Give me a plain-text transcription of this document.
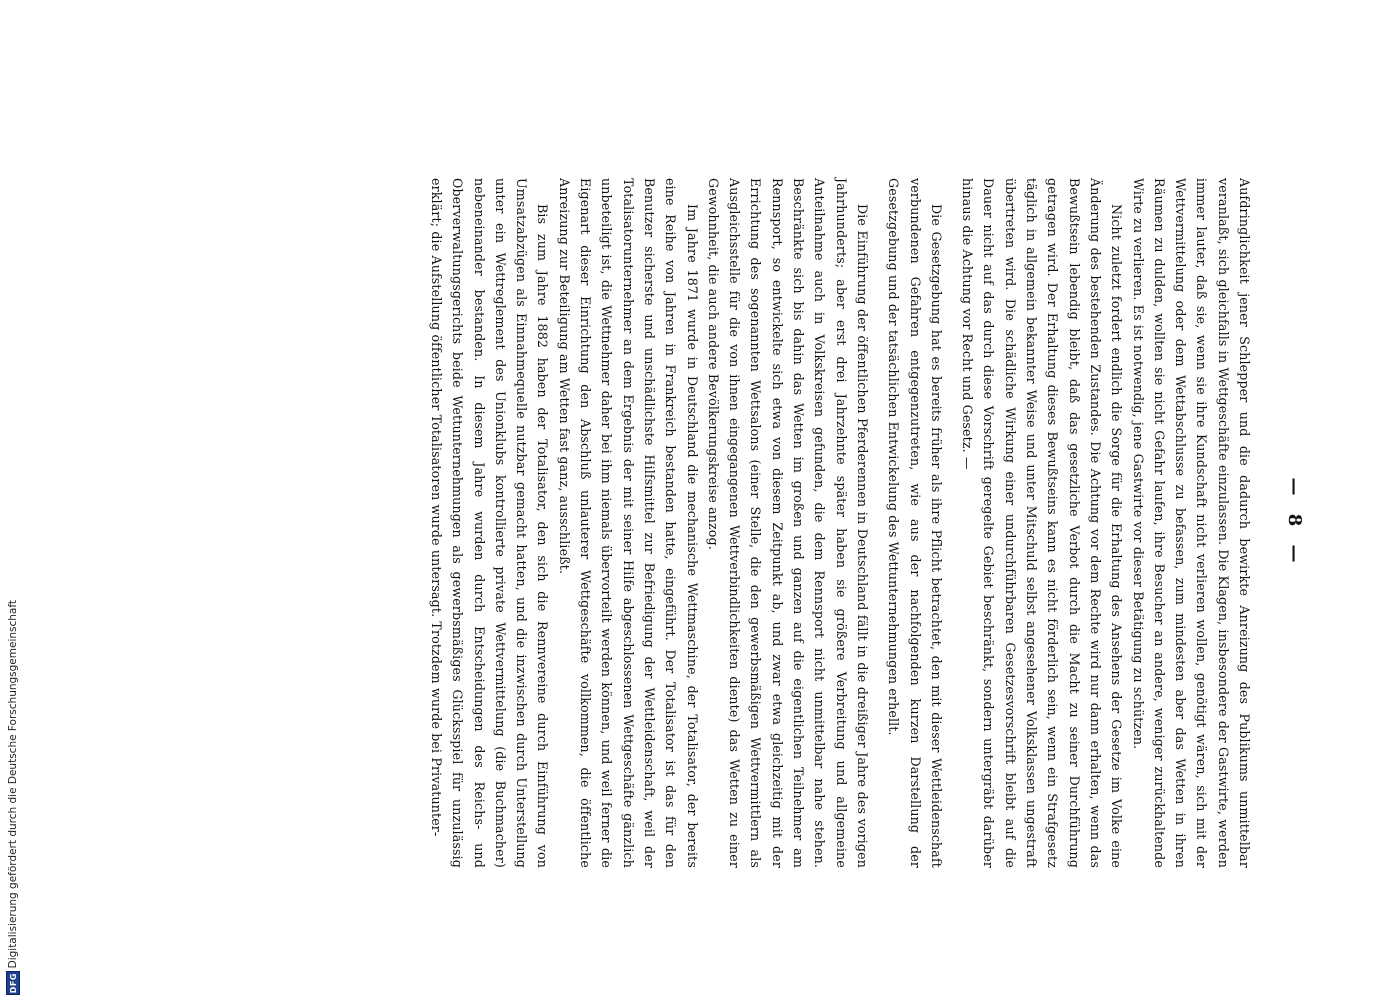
— 8 —

Aufdringlichkeit jener Schlepper und die dadurch bewirkte Anreizung des Publikums unmittelbar veranlaßt, sich gleichfalls in Wettgeschäfte einzulassen. Die Klagen, insbesondere der Gastwirte, werden immer lauter, daß sie, wenn sie ihre Kundschaft nicht verlieren wollen, genötigt wären, sich mit der Wettvermittelung oder dem Wettabschlusse zu befassen, zum mindesten aber das Wetten in ihren Räumen zu dulden, wollten sie nicht Gefahr laufen, ihre Besucher an andere, weniger zurückhaltende Wirte zu verlieren. Es ist notwendig, jene Gastwirte vor dieser Betätigung zu schützen.

Nicht zuletzt fordert endlich die Sorge für die Erhaltung des Ansehens der Gesetze im Volke eine Änderung des bestehenden Zustandes. Die Achtung vor dem Rechte wird nur dann erhalten, wenn das Bewußtsein lebendig bleibt, daß das gesetzliche Verbot durch die Macht zu seiner Durchführung getragen wird. Der Erhaltung dieses Bewußtseins kann es nicht förderlich sein, wenn ein Strafgesetz täglich in allgemein bekannter Weise und unter Mitschuld selbst angesehener Volksklassen ungestraft übertreten wird. Die schädliche Wirkung einer undurchführbaren Gesetzesvorschrift bleibt auf die Dauer nicht auf das durch diese Vorschrift geregelte Gebiet beschränkt, sondern untergräbt darüber hinaus die Achtung vor Recht und Gesetz. —

Die Gesetzgebung hat es bereits früher als ihre Pflicht betrachtet, den mit dieser Wettleidenschaft verbundenen Gefahren entgegenzutreten, wie aus der nachfolgenden kurzen Darstellung der Gesetzgebung und der tatsächlichen Entwickelung des Wettunternehmungen erhellt.

Die Einführung der öffentlichen Pferderennen in Deutschland fällt in die dreißiger Jahre des vorigen Jahrhunderts; aber erst drei Jahrzehnte später haben sie größere Verbreitung und allgemeine Anteilnahme auch in Volkskreisen gefunden, die dem Rennsport nicht unmittelbar nahe stehen. Beschränkte sich bis dahin das Wetten im großen und ganzen auf die eigentlichen Teilnehmer am Rennsport, so entwickelte sich etwa von diesem Zeitpunkt ab, und zwar etwa gleichzeitig mit der Errichtung des sogenannten Wettsalons (einer Stelle, die den gewerbsmäßigen Wettvermittlern als Ausgleichsstelle für die von ihnen eingegangenen Wettverbindlichkeiten diente) das Wetten zu einer Gewohnheit, die auch andere Bevölkerungskreise anzog.

Im Jahre 1871 wurde in Deutschland die mechanische Wettmaschine, der Totalisator, der bereits eine Reihe von Jahren in Frankreich bestanden hatte, eingeführt. Der Totalisator ist das für den Benutzer sicherste und unschädlichste Hilfsmittel zur Befriedigung der Wettleidenschaft, weil der Totalisatorunternehmer an dem Ergebnis der mit seiner Hilfe abgeschlossenen Wettgeschäfte gänzlich unbeteiligt ist, die Wettnehmer daher bei ihm niemals übervorteilt werden können, und weil ferner die Eigenart dieser Einrichtung den Abschluß unlauterer Wettgeschäfte vollkommen, die öffentliche Anreizung zur Beteiligung am Wetten fast ganz, ausschließt.

Bis zum Jahre 1882 haben der Totalisator, den sich die Rennvereine durch Einführung von Umsatzabzügen als Einnahmequelle nutzbar gemacht hatten, und die inzwischen durch Unterstellung unter ein Wettreglement des Unionklubs kontrollierte private Wettvermittelung (die Buchmacher) nebeneinander bestanden. In diesem Jahre wurden durch Entscheidungen des Reichs- und Oberverwaltungsgerichts beide Wettunternehmungen als gewerbsmäßiges Glücksspiel für unzulässig erklärt; die Aufstellung öffentlicher Totalisatoren wurde untersagt. Trotzdem wurde bei Privatunter-

DFG
Digitalisierung gefördert durch die Deutsche Forschungsgemeinschaft
